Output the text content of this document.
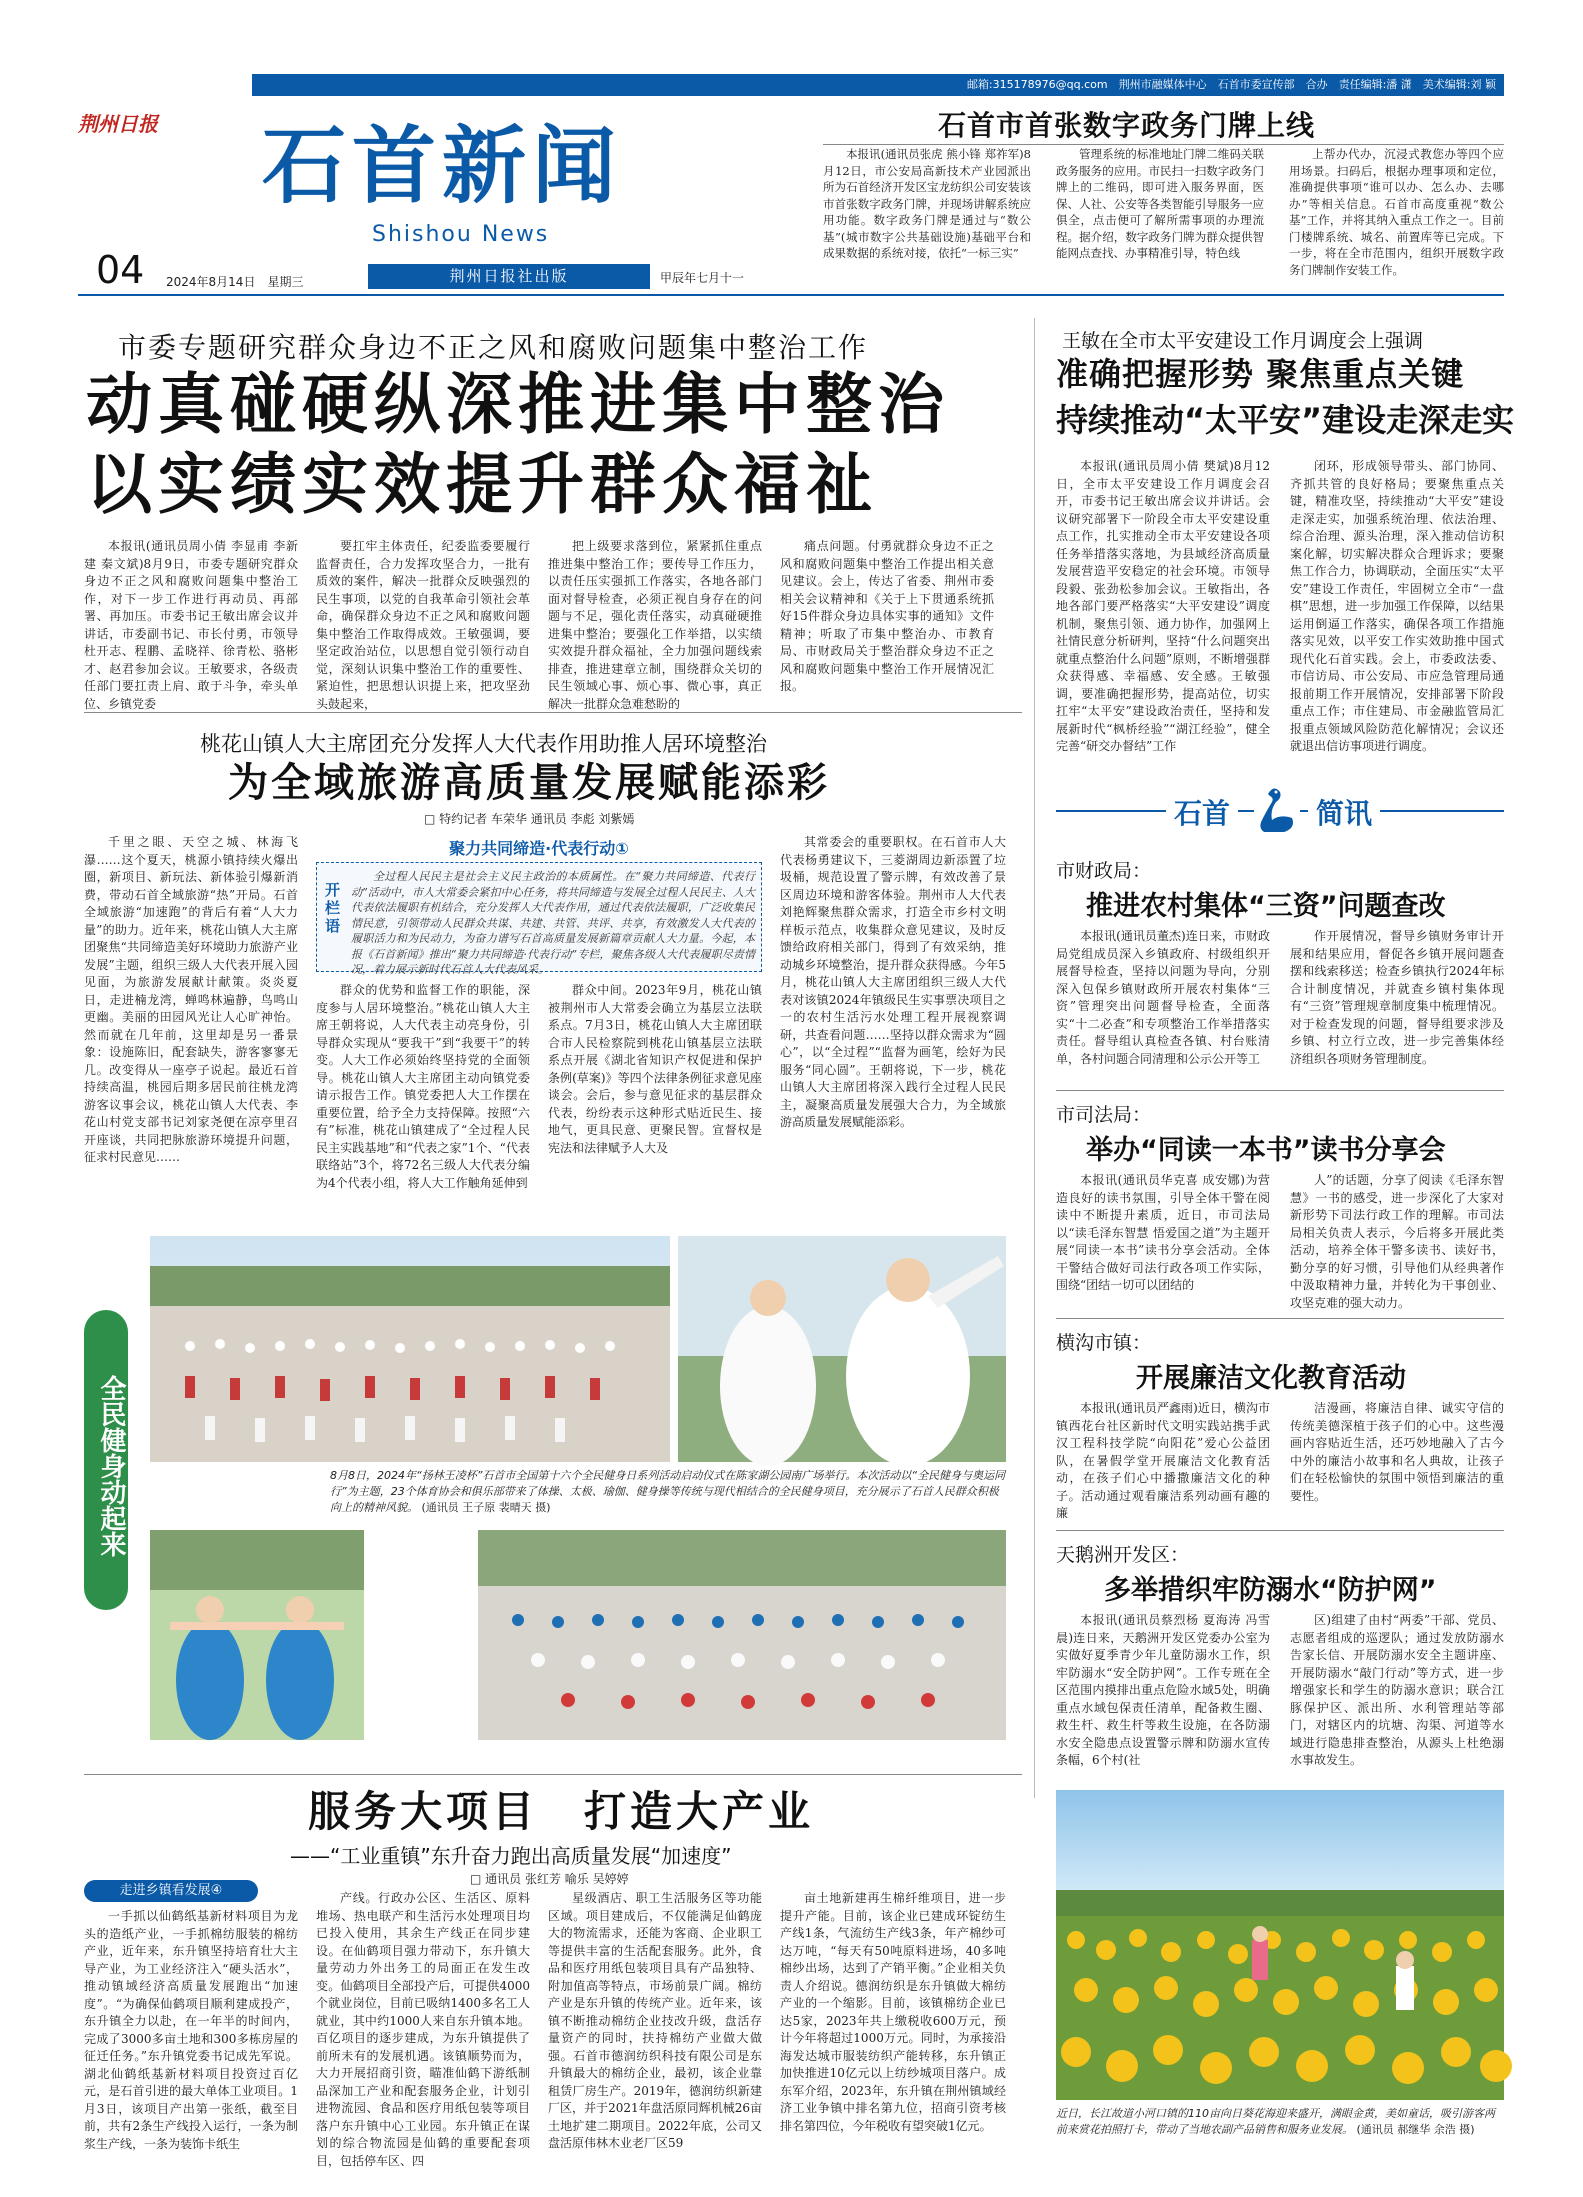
邮箱:315178976@qq.com　荆州市融媒体中心　石首市委宣传部　合办　责任编辑:潘 潇　美术编辑:刘 颖
荆州日报 石首新闻
Shishou News
04 2024年8月14日　星期三	荆州日报社出版	甲辰年七月十一
石首市首张数字政务门牌上线

本报讯(通讯员张虎 熊小锋 郑祚军)8月12日，市公安局高新技术产业园派出所为石首经济开发区宝龙纺织公司安装该市首张数字政务门牌，并现场讲解系统应用功能。数字政务门牌是通过与“数公基”(城市数字公共基础设施)基础平台和成果数据的系统对接，依托“一标三实”

管理系统的标准地址门牌二维码关联政务服务的应用。市民扫一扫数字政务门牌上的二维码，即可进入服务界面，医保、人社、公安等各类智能引导服务一应俱全，点击便可了解所需事项的办理流程。据介绍，数字政务门牌为群众提供智能网点查找、办事精准引导，特色线

上帮办代办，沉浸式教您办等四个应用场景。扫码后，根据办理事项和定位，准确提供事项“谁可以办、怎么办、去哪办”等相关信息。石首市高度重视“数公基”工作，并将其纳入重点工作之一。目前门楼牌系统、城名、前置库等已完成。下一步，将在全市范围内，组织开展数字政务门牌制作安装工作。

市委专题研究群众身边不正之风和腐败问题集中整治工作
动真碰硬纵深推进集中整治
以实绩实效提升群众福祉

本报讯(通讯员周小倩 李显甫 李新建 秦文斌)8月9日，市委专题研究群众身边不正之风和腐败问题集中整治工作，对下一步工作进行再动员、再部署、再加压。市委书记王敏出席会议并讲话，市委副书记、市长付勇，市领导杜开志、程鹏、孟晓祥、徐青松、骆彬才、赵君参加会议。王敏要求，各级责任部门要扛责上肩、敢于斗争，牵头单位、乡镇党委

要扛牢主体责任，纪委监委要履行监督责任，合力发挥攻坚合力，一批有质效的案件，解决一批群众反映强烈的民生事项，以党的自我革命引领社会革命，确保群众身边不正之风和腐败问题集中整治工作取得成效。王敏强调，要坚定政治站位，以思想自觉引领行动自觉，深刻认识集中整治工作的重要性、紧迫性，把思想认识提上来，把攻坚劲头鼓起来，

把上级要求落到位，紧紧抓住重点推进集中整治工作；要传导工作压力，以责任压实强抓工作落实，各地各部门面对督导检查，必须正视自身存在的问题与不足，强化责任落实，动真碰硬推进集中整治；要强化工作举措，以实绩实效提升群众福祉，全力加强问题线索排查，推进建章立制，围绕群众关切的民生领域心事、烦心事、微心事，真正解决一批群众急难愁盼的

痛点问题。付勇就群众身边不正之风和腐败问题集中整治工作提出相关意见建议。会上，传达了省委、荆州市委相关会议精神和《关于上下贯通系统抓好15件群众身边具体实事的通知》文件精神；听取了市集中整治办、市教育局、市财政局关于整治群众身边不正之风和腐败问题集中整治工作开展情况汇报。

王敏在全市太平安建设工作月调度会上强调
准确把握形势 聚焦重点关键
持续推动“太平安”建设走深走实

本报讯(通讯员周小倩 樊斌)8月12日，全市太平安建设工作月调度会召开，市委书记王敏出席会议并讲话。会议研究部署下一阶段全市太平安建设重点工作，扎实推动全市太平安建设各项任务举措落实落地，为县域经济高质量发展营造平安稳定的社会环境。市领导段毅、张劲松参加会议。王敏指出，各地各部门要严格落实“大平安建设”调度机制，聚焦引领、通力协作，加强网上社情民意分析研判，坚持“什么问题突出就重点整治什么问题”原则，不断增强群众获得感、幸福感、安全感。王敏强调，要准确把握形势，提高站位，切实扛牢“太平安”建设政治责任，坚持和发展新时代“枫桥经验”“湖江经验”，健全完善“研交办督结”工作

闭环，形成领导带头、部门协同、齐抓共管的良好格局；要聚焦重点关键，精准攻坚，持续推动“大平安”建设走深走实，加强系统治理、依法治理、综合治理、源头治理，深入推动信访积案化解，切实解决群众合理诉求；要聚焦工作合力，协调联动，全面压实“太平安”建设工作责任，牢固树立全市“一盘棋”思想，进一步加强工作保障，以结果运用倒逼工作落实，确保各项工作措施落实见效，以平安工作实效助推中国式现代化石首实践。会上，市委政法委、市信访局、市公安局、市应急管理局通报前期工作开展情况，安排部署下阶段重点工作；市住建局、市金融监管局汇报重点领域风险防范化解情况；会议还就退出信访事项进行调度。

桃花山镇人大主席团充分发挥人大代表作用助推人居环境整治
为全域旅游高质量发展赋能添彩
□ 特约记者 车荣华 通讯员 李彪 刘紫嫣

千里之眼、天空之城、林海飞瀑……这个夏天，桃源小镇持续火爆出圈，新项目、新玩法、新体验引爆新消费，带动石首全域旅游“热”开局。石首全域旅游“加速跑”的背后有着“人大力量”的助力。近年来，桃花山镇人大主席团聚焦“共同缔造美好环境助力旅游产业发展”主题，组织三级人大代表开展入园见面，为旅游发展献计献策。炎炎夏日，走进楠龙湾，蝉鸣林遍静，鸟鸣山更幽。美丽的田园风光让人心旷神怡。然而就在几年前，这里却是另一番景象：设施陈旧，配套缺失，游客寥寥无几。改变得从一座亭子说起。最近石首持续高温，桃园后期多居民前往桃龙湾游客议事会议，桃花山镇人大代表、李花山村党支部书记刘家尧便在凉亭里召开座谈，共同把脉旅游环境提升问题，征求村民意见……

聚力共同缔造·代表行动①
开栏语

全过程人民民主是社会主义民主政治的本质属性。在“聚力共同缔造、代表行动”活动中，市人大常委会紧扣中心任务，将共同缔造与发展全过程人民民主、人大代表依法履职有机结合，充分发挥人大代表作用，通过代表依法履职，广泛收集民情民意，引领带动人民群众共谋、共建、共管、共评、共享，有效激发人大代表的履职活力和为民动力，为奋力谱写石首高质量发展新篇章贡献人大力量。今起，本报《石首新闻》推出“聚力共同缔造·代表行动”专栏，聚焦各级人大代表履职尽责情况，着力展示新时代石首人大代表风采。

群众的优势和监督工作的职能，深度参与人居环境整治。”桃花山镇人大主席王朝将说，人大代表主动亮身份，引导群众实现从“要我干”到“我要干”的转变。人大工作必须始终坚持党的全面领导。桃花山镇人大主席团主动向镇党委请示报告工作。镇党委把人大工作摆在重要位置，给予全力支持保障。按照“六有”标准，桃花山镇建成了“全过程人民民主实践基地”和“代表之家”1个、“代表联络站”3个，将72名三级人大代表分编为4个代表小组，将人大工作触角延伸到

群众中间。2023年9月，桃花山镇被荆州市人大常委会确立为基层立法联系点。7月3日，桃花山镇人大主席团联合市人民检察院到桃花山镇基层立法联系点开展《湖北省知识产权促进和保护条例(草案)》等四个法律条例征求意见座谈会。会后，参与意见征求的基层群众代表，纷纷表示这种形式贴近民生、接地气，更具民意、更聚民智。宣督权是宪法和法律赋予人大及

其常委会的重要职权。在石首市人大代表杨勇建议下，三菱湖周边新添置了垃圾桶，规范设置了警示牌，有效改善了景区周边环境和游客体验。荆州市人大代表刘艳辉聚焦群众需求，打造全市乡村文明样板示范点，收集群众意见建议，及时反馈给政府相关部门，得到了有效采纳，推动城乡环境整治，提升群众获得感。今年5月，桃花山镇人大主席团组织三级人大代表对该镇2024年镇级民生实事票决项目之一的农村生活污水处理工程开展视察调研，共查看问题……坚持以群众需求为“圆心”，以“全过程”“监督为画笔，绘好为民服务“同心圆”。王朝将说，下一步，桃花山镇人大主席团将深入践行全过程人民民主，凝聚高质量发展强大合力，为全域旅游高质量发展赋能添彩。

全民健身动起来	8月8日，2024年“扬林王凌杯”石首市全国第十六个全民健身日系列活动启动仪式在陈家湖公园南广场举行。本次活动以“全民健身与奥运同行”为主题，23个体育协会和俱乐部带来了体操、太极、瑜伽、健身操等传统与现代相结合的全民健身项目，充分展示了石首人民群众积极向上的精神风貌。 (通讯员 王子原 裴晴天 摄)
服务大项目　打造大产业
——“工业重镇”东升奋力跑出高质量发展“加速度”
□ 通讯员 张红芳 喻乐 吴婷婷
走进乡镇看发展④

一手抓以仙鹤纸基新材料项目为龙头的造纸产业，一手抓棉纺服装的棉纺产业，近年来，东升镇坚持培育壮大主导产业，为工业经济注入“硬头活水”，推动镇域经济高质量发展跑出“加速度”。“为确保仙鹤项目顺利建成投产，东升镇全力以赴，在一年半的时间内，完成了3000多亩土地和300多栋房屋的征迁任务。”东升镇党委书记成先军说。湖北仙鹤纸基新材料项目投资过百亿元，是石首引进的最大单体工业项目。1月3日，该项目产出第一张纸，截至目前，共有2条生产线投入运行，一条为制浆生产线，一条为装饰卡纸生

产线。行政办公区、生活区、原料堆场、热电联产和生活污水处理项目均已投入使用，其余生产线正在同步建设。在仙鹤项目强力带动下，东升镇大量劳动力外出务工的局面正在发生改变。仙鹤项目全部投产后，可提供4000个就业岗位，目前已吸纳1400多名工人就业，其中约1000人来自东升镇本地。百亿项目的逐步建成，为东升镇提供了前所未有的发展机遇。该镇顺势而为，大力开展招商引资，瞄准仙鹤下游纸制品深加工产业和配套服务企业，计划引进物流园、食品和医疗用纸包装等项目落户东升镇中心工业园。东升镇正在谋划的综合物流园是仙鹤的重要配套项目，包括停车区、四

星级酒店、职工生活服务区等功能区域。项目建成后，不仅能满足仙鹤庞大的物流需求，还能为客商、企业职工等提供丰富的生活配套服务。此外，食品和医疗用纸包装项目具有产品独特、附加值高等特点，市场前景广阔。棉纺产业是东升镇的传统产业。近年来，该镇不断推动棉纺企业技改升级，盘活存量资产的同时，扶持棉纺产业做大做强。石首市德润纺织科技有限公司是东升镇最大的棉纺企业，最初，该企业靠租赁厂房生产。2019年，德润纺织新建厂区，并于2021年盘活原同辉机械26亩土地扩建二期项目。2022年底，公司又盘活原伟林木业老厂区59

亩土地新建再生棉纤维项目，进一步提升产能。目前，该企业已建成环锭纺生产线1条，气流纺生产线3条，年产棉纱可达万吨，“每天有50吨原料进场，40多吨棉纱出场，达到了产销平衡。”企业相关负责人介绍说。德润纺织是东升镇做大棉纺产业的一个缩影。目前，该镇棉纺企业已达5家，2023年共上缴税收600万元，预计今年将超过1000万元。同时，为承接沿海发达城市服装纺织产能转移，东升镇正加快推进10亿元以上纺纱城项目落户。成东军介绍，2023年，东升镇在荆州镇域经济工业争镇中排名第九位，招商引资考核排名第四位，今年税收有望突破1亿元。

石首	简讯
市财政局：
推进农村集体“三资”问题查改

本报讯(通讯员董杰)连日来，市财政局党组成员深入乡镇政府、村级组织开展督导检查，坚持以问题为导向，分别深入包保乡镇财政所开展农村集体“三资”管理突出问题督导检查，全面落实“十二必查”和专项整治工作举措落实责任。督导组认真检查各镇、村台账清单，各村问题合同清理和公示公开等工

作开展情况，督导乡镇财务审计开展和结果应用，督促各乡镇开展问题查摆和线索移送；检查乡镇执行2024年标合计制度情况，并就查乡镇村集体现有“三资”管理规章制度集中梳理情况。对于检查发现的问题，督导组要求涉及乡镇、村立行立改，进一步完善集体经济组织各项财务管理制度。

市司法局：
举办“同读一本书”读书分享会

本报讯(通讯员华克喜 成安娜)为营造良好的读书氛围，引导全体干警在阅读中不断提升素质，近日，市司法局以“读毛泽东智慧 悟爱国之道”为主题开展“同读一本书”读书分享会活动。全体干警结合做好司法行政各项工作实际，围绕“团结一切可以团结的

人”的话题，分享了阅读《毛泽东智慧》一书的感受，进一步深化了大家对新形势下司法行政工作的理解。市司法局相关负责人表示，今后将多开展此类活动，培养全体干警多读书、读好书，勤分享的好习惯，引导他们从经典著作中汲取精神力量，并转化为干事创业、攻坚克难的强大动力。

横沟市镇：
开展廉洁文化教育活动

本报讯(通讯员严鑫雨)近日，横沟市镇西花台社区新时代文明实践站携手武汉工程科技学院“向阳花”爱心公益团队，在暑假学堂开展廉洁文化教育活动，在孩子们心中播撒廉洁文化的种子。活动通过观看廉洁系列动画有趣的廉

洁漫画，将廉洁自律、诚实守信的传统美德深植于孩子们的心中。这些漫画内容贴近生活，还巧妙地融入了古今中外的廉洁小故事和名人典故，让孩子们在轻松愉快的氛围中领悟到廉洁的重要性。

天鹅洲开发区：
多举措织牢防溺水“防护网”

本报讯(通讯员蔡烈杨 夏海涛 冯雪晨)连日来，天鹅洲开发区党委办公室为实做好夏季青少年儿童防溺水工作，织牢防溺水“安全防护网”。工作专班在全区范围内摸排出重点危险水域5处，明确重点水域包保责任清单，配备救生圈、救生杆、救生杆等救生设施，在各防溺水安全隐患点设置警示牌和防溺水宣传条幅，6个村(社

区)组建了由村“两委”干部、党员、志愿者组成的巡逻队；通过发放防溺水告家长信、开展防溺水安全主题讲座、开展防溺水“敲门行动”等方式，进一步增强家长和学生的防溺水意识；联合江豚保护区、派出所、水利管理站等部门，对辖区内的坑塘、沟渠、河道等水域进行隐患排查整治，从源头上杜绝溺水事故发生。

近日，长江故道小河口镇的110亩向日葵花海迎来盛开，满眼金黄，美如童话，吸引游客两前来赏花拍照打卡，带动了当地农副产品销售和服务业发展。 (通讯员 郝继华 余浩 摄)
